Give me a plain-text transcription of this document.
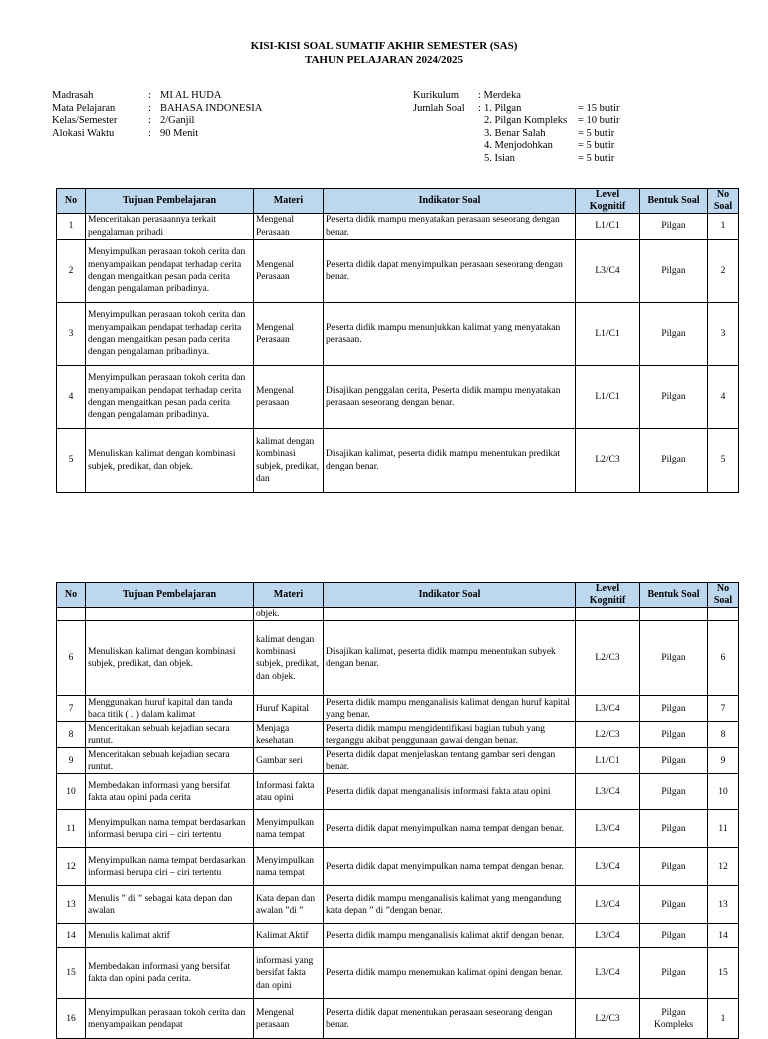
KISI-KISI SOAL SUMATIF AKHIR SEMESTER (SAS)
TAHUN PELAJARAN 2024/2025
Madrasah	: MI AL HUDA
Mata Pelajaran	: BAHASA INDONESIA
Kelas/Semester	: 2/Ganjil
Alokasi Waktu	: 90 Menit
Kurikulum	: Merdeka
Jumlah Soal	: 1. Pilgan	= 15 butir
2. Pilgan Kompleks	= 10 butir
3. Benar Salah	= 5 butir
4. Menjodohkan	= 5 butir
5. Isian	= 5 butir
No	Tujuan Pembelajaran	Materi	Indikator Soal	Level Kognitif	Bentuk Soal	No Soal
1	Menceritakan perasaannya terkait pengalaman pribadi	Mengenal Perasaan	Peserta didik mampu menyatakan perasaan seseorang dengan benar.	L1/C1	Pilgan	1
2	Menyimpulkan perasaan tokoh cerita dan menyampaikan pendapat terhadap cerita dengan mengaitkan pesan pada cerita dengan pengalaman pribadinya.	Mengenal Perasaan	Peserta didik dapat menyimpulkan perasaan seseorang dengan benar.	L3/C4	Pilgan	2
3	Menyimpulkan perasaan tokoh cerita dan menyampaikan pendapat terhadap cerita dengan mengaitkan pesan pada cerita dengan pengalaman pribadinya.	Mengenal Perasaan	Peserta didik mampu menunjukkan kalimat yang menyatakan perasaan.	L1/C1	Pilgan	3
4	Menyimpulkan perasaan tokoh cerita dan menyampaikan pendapat terhadap cerita dengan mengaitkan pesan pada cerita dengan pengalaman pribadinya.	Mengenal perasaan	Disajikan penggalan cerita, Peserta didik mampu menyatakan perasaan seseorang dengan benar.	L1/C1	Pilgan	4
5	Menuliskan kalimat dengan kombinasi subjek, predikat, dan objek.	kalimat dengan kombinasi subjek, predikat, dan	Disajikan kalimat, peserta didik mampu menentukan predikat dengan benar.	L2/C3	Pilgan	5
No	Tujuan Pembelajaran	Materi	Indikator Soal	Level Kognitif	Bentuk Soal	No Soal
		objek.				
6	Menuliskan kalimat dengan kombinasi subjek, predikat, dan objek.	kalimat dengan kombinasi subjek, predikat, dan objek.	Disajikan kalimat, peserta didik mampu menentukan subyek dengan benar.	L2/C3	Pilgan	6
7	Menggunakan huruf kapital dan tanda baca titik ( . ) dalam kalimat	Huruf Kapital	Peserta didik mampu menganalisis kalimat dengan huruf kapital yang benar.	L3/C4	Pilgan	7
8	Menceritakan sebuah kejadian secara runtut.	Menjaga kesehatan	Peserta didik mampu mengidentifikasi bagian tubuh yang terganggu akibat penggunaan gawai dengan benar.	L2/C3	Pilgan	8
9	Menceritakan sebuah kejadian secara runtut.	Gambar seri	Peserta didik dapat menjelaskan tentang gambar seri dengan benar.	L1/C1	Pilgan	9
10	Membedakan informasi yang bersifat fakta atau opini pada cerita	Informasi fakta atau opini	Peserta didik dapat menganalisis informasi fakta atau opini	L3/C4	Pilgan	10
11	Menyimpulkan nama tempat berdasarkan informasi berupa ciri – ciri tertentu	Menyimpulkan nama tempat	Peserta didik dapat menyimpulkan nama tempat dengan benar.	L3/C4	Pilgan	11
12	Menyimpulkan nama tempat berdasarkan informasi berupa ciri – ciri tertentu	Menyimpulkan nama tempat	Peserta didik dapat menyimpulkan nama tempat dengan benar.	L3/C4	Pilgan	12
13	Menulis ” di ” sebagai kata depan dan awalan	Kata depan dan awalan ”di ”	Peserta didik mampu menganalisis kalimat yang mengandung kata depan ” di ”dengan benar.	L3/C4	Pilgan	13
14	Menulis kalimat aktif	Kalimat Aktif	Peserta didik mampu menganalisis kalimat aktif dengan benar.	L3/C4	Pilgan	14
15	Membedakan informasi yang bersifat fakta dan opini pada cerita.	informasi yang bersifat fakta dan opini	Peserta didik mampu menemukan kalimat opini dengan benar.	L3/C4	Pilgan	15
16	Menyimpulkan perasaan tokoh cerita dan menyampaikan pendapat	Mengenal perasaan	Peserta didik dapat menentukan perasaan seseorang dengan benar.	L2/C3	Pilgan Kompleks	1
